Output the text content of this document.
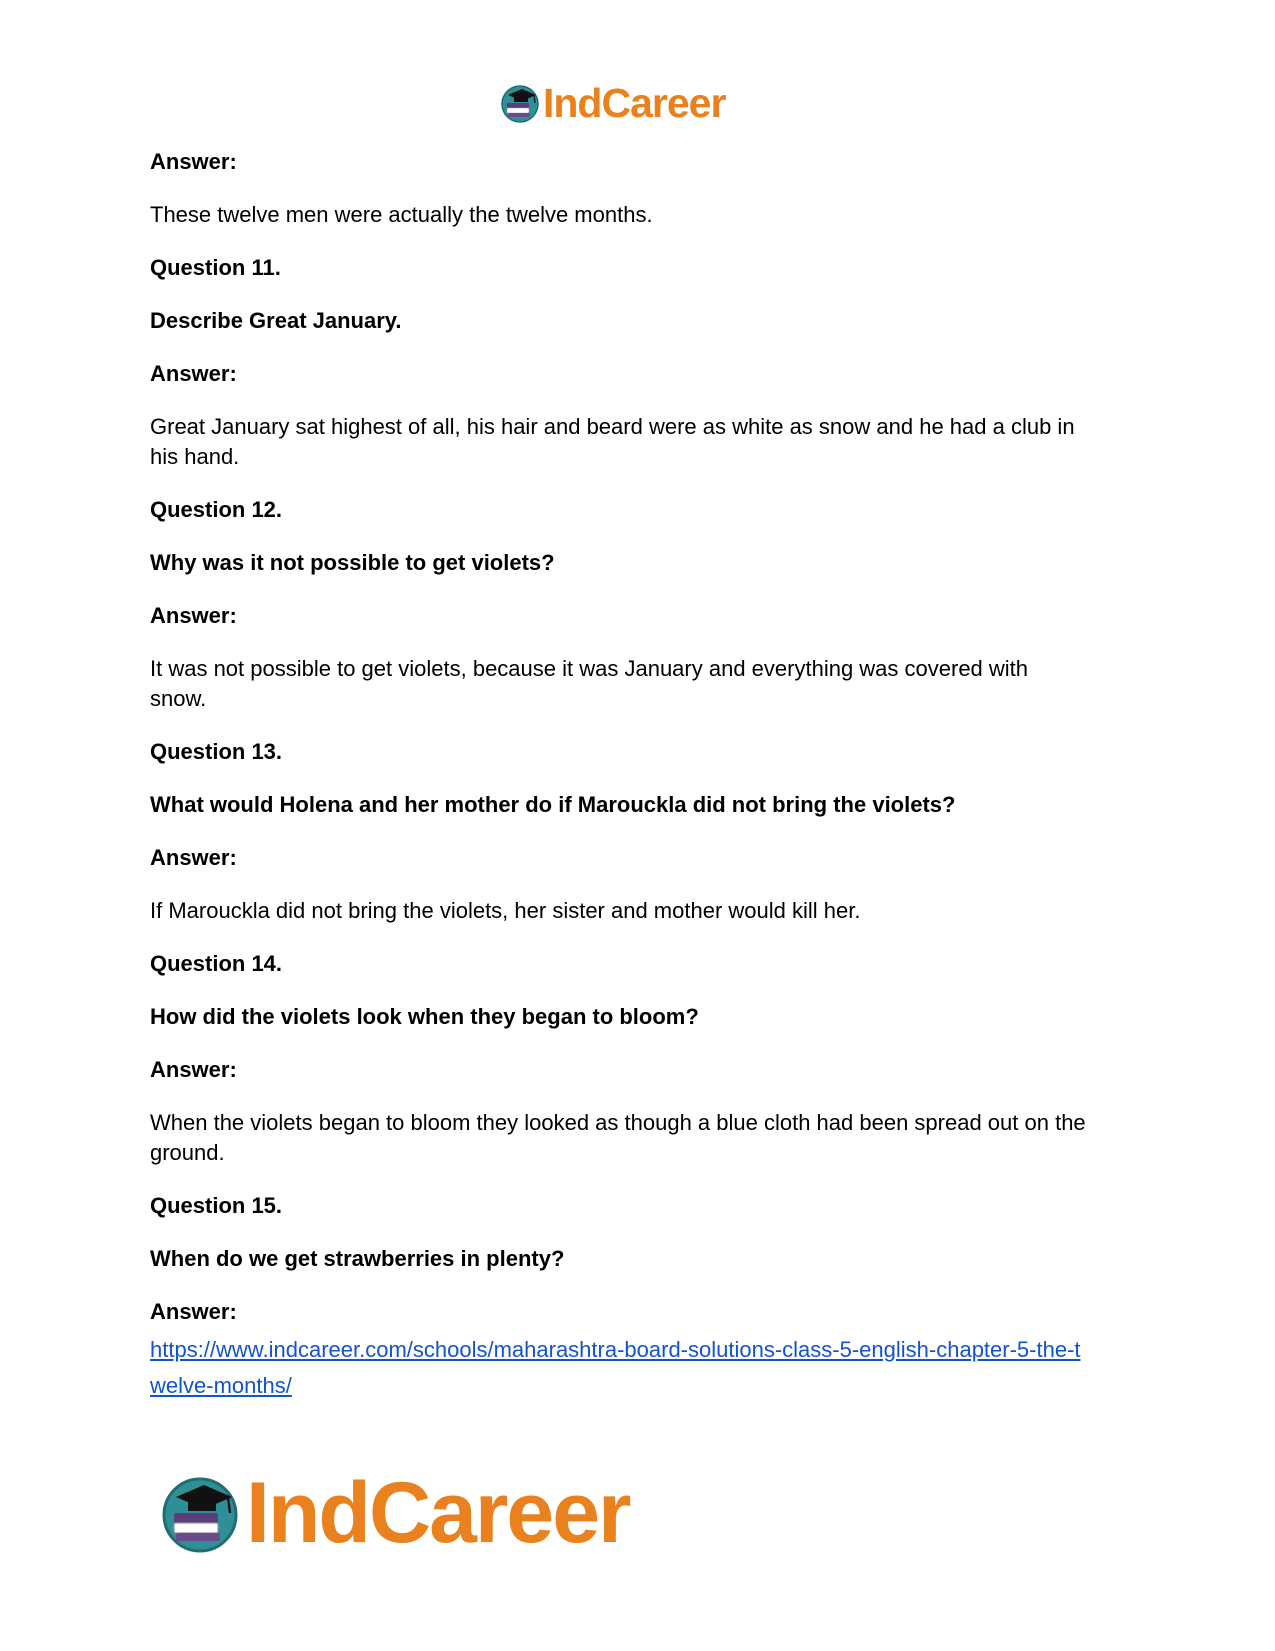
IndCareer
Answer:
These twelve men were actually the twelve months.
Question 11.
Describe Great January.
Answer:
Great January sat highest of all, his hair and beard were as white as snow and he had a club in
his hand.
Question 12.
Why was it not possible to get violets?
Answer:
It was not possible to get violets, because it was January and everything was covered with
snow.
Question 13.
What would Holena and her mother do if Marouckla did not bring the violets?
Answer:
If Marouckla did not bring the violets, her sister and mother would kill her.
Question 14.
How did the violets look when they began to bloom?
Answer:
When the violets began to bloom they looked as though a blue cloth had been spread out on the
ground.
Question 15.
When do we get strawberries in plenty?
Answer:
https://www.indcareer.com/schools/maharashtra-board-solutions-class-5-english-chapter-5-the-t
welve-months/
IndCareer
